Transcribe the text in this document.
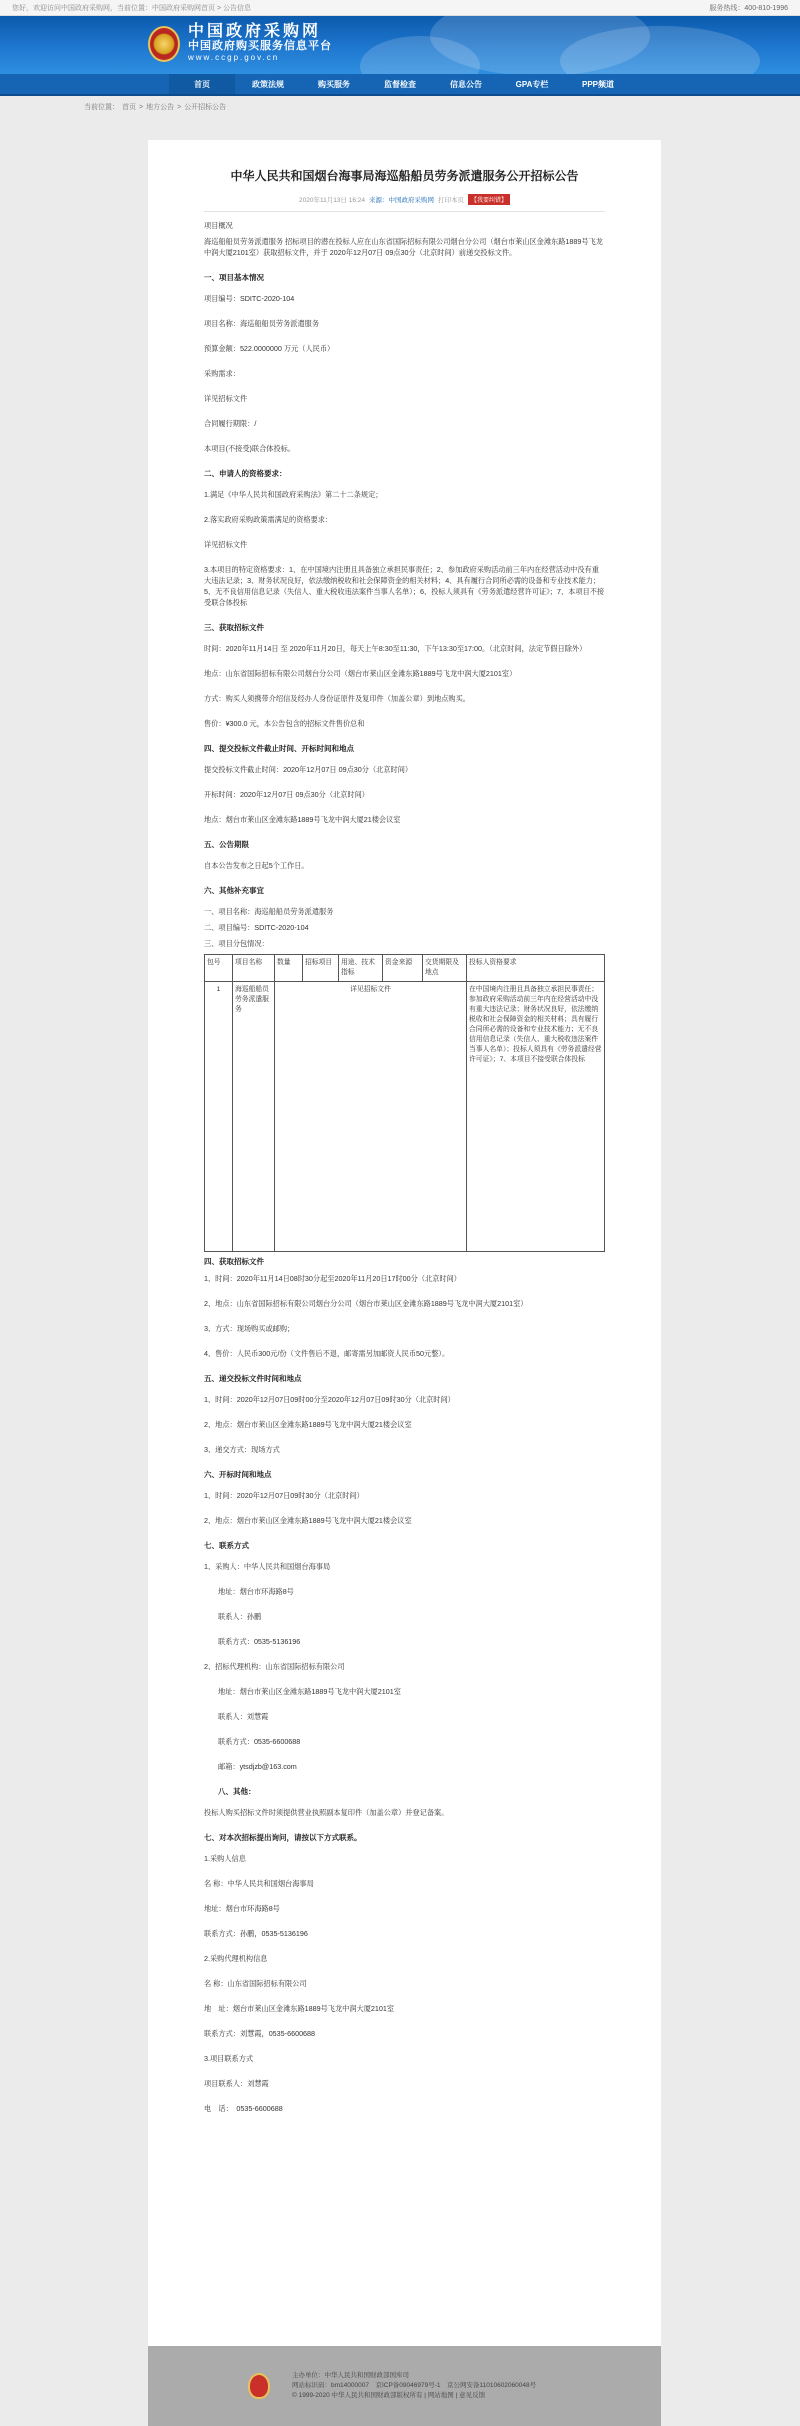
您好，欢迎访问中国政府采购网，当前位置：中国政府采购网首页 > 公告信息	服务热线：400-810-1996
中国政府采购网
中国政府购买服务信息平台
www.ccgp.gov.cn
首页	政策法规	购买服务	监督检查	信息公告	GPA专栏	PPP频道
当前位置： 首页 > 地方公告 > 公开招标公告
中华人民共和国烟台海事局海巡船船员劳务派遣服务公开招标公告
2020年11月13日 16:24 来源：中国政府采购网 打印本页	【我要纠错】
项目概况
海巡船船员劳务派遣服务 招标项目的潜在投标人应在山东省国际招标有限公司烟台分公司（烟台市莱山区金滩东路1889号飞龙中润大厦2101室）获取招标文件，并于 2020年12月07日 09点30分（北京时间）前递交投标文件。
一、项目基本情况
项目编号：SDITC-2020-104
项目名称：海巡船船员劳务派遣服务
预算金额：522.0000000 万元（人民币）
采购需求：
详见招标文件
合同履行期限：/
本项目(不接受)联合体投标。
二、申请人的资格要求：
1.满足《中华人民共和国政府采购法》第二十二条规定；
2.落实政府采购政策需满足的资格要求：
详见招标文件
3.本项目的特定资格要求：1、在中国境内注册且具备独立承担民事责任；2、参加政府采购活动前三年内在经营活动中没有重大违法记录；3、财务状况良好，依法缴纳税收和社会保障资金的相关材料；4、具有履行合同所必需的设备和专业技术能力；5、无不良信用信息记录（失信人、重大税收违法案件当事人名单）；6、投标人须具有《劳务派遣经营许可证》；7、本项目不接受联合体投标
三、获取招标文件
时间：2020年11月14日 至 2020年11月20日，每天上午8:30至11:30，下午13:30至17:00。（北京时间，法定节假日除外）
地点：山东省国际招标有限公司烟台分公司（烟台市莱山区金滩东路1889号飞龙中润大厦2101室）
方式：购买人须携带介绍信及经办人身份证原件及复印件（加盖公章）到地点购买。
售价：¥300.0 元，本公告包含的招标文件售价总和
四、提交投标文件截止时间、开标时间和地点
提交投标文件截止时间：2020年12月07日 09点30分（北京时间）
开标时间：2020年12月07日 09点30分（北京时间）
地点：烟台市莱山区金滩东路1889号飞龙中润大厦21楼会议室
五、公告期限
自本公告发布之日起5个工作日。
六、其他补充事宜
一、项目名称：海巡船船员劳务派遣服务
二、项目编号：SDITC-2020-104
三、项目分包情况：
包号	项目名称	数量	招标项目	用途、技术指标	资金来源	交货期限及地点	投标人资格要求
1	海巡船船员劳务派遣服务	详见招标文件					在中国境内注册且具备独立承担民事责任；参加政府采购活动前三年内在经营活动中没有重大违法记录；财务状况良好，依法缴纳税收和社会保障资金的相关材料；具有履行合同所必需的设备和专业技术能力；无不良信用信息记录（失信人、重大税收违法案件当事人名单）；投标人须具有《劳务派遣经营许可证》；7、本项目不接受联合体投标
四、获取招标文件
1、时间：2020年11月14日08时30分起至2020年11月20日17时00分（北京时间）
2、地点：山东省国际招标有限公司烟台分公司（烟台市莱山区金滩东路1889号飞龙中润大厦2101室）
3、方式：现场购买或邮购；
4、售价：人民币300元/份（文件售后不退，邮寄需另加邮资人民币50元整）。
五、递交投标文件时间和地点
1、时间：2020年12月07日09时00分至2020年12月07日09时30分（北京时间）
2、地点：烟台市莱山区金滩东路1889号飞龙中润大厦21楼会议室
3、递交方式：现场方式
六、开标时间和地点
1、时间：2020年12月07日09时30分（北京时间）
2、地点：烟台市莱山区金滩东路1889号飞龙中润大厦21楼会议室
七、联系方式
1、采购人：中华人民共和国烟台海事局
地址：烟台市环海路8号
联系人：孙鹏
联系方式：0535-5136196
2、招标代理机构：山东省国际招标有限公司
地址：烟台市莱山区金滩东路1889号飞龙中润大厦2101室
联系人：刘慧霞
联系方式：0535-6600688
邮箱：ytsdjzb@163.com
八、其他：
投标人购买招标文件时须提供营业执照副本复印件（加盖公章）并登记备案。
七、对本次招标提出询问，请按以下方式联系。
1.采购人信息
名 称：中华人民共和国烟台海事局
地址：烟台市环海路8号
联系方式：孙鹏，0535-5136196
2.采购代理机构信息
名 称：山东省国际招标有限公司
地　址：烟台市莱山区金滩东路1889号飞龙中润大厦2101室
联系方式：刘慧霞，0535-6600688
3.项目联系方式
项目联系人：刘慧霞
电　话：　0535-6600688
主办单位：中华人民共和国财政部国库司
网站标识码：bm14000007　京ICP备09046979号-1　京公网安备11010602060048号
© 1999-2020 中华人民共和国财政部版权所有 | 网站地图 | 意见反馈
